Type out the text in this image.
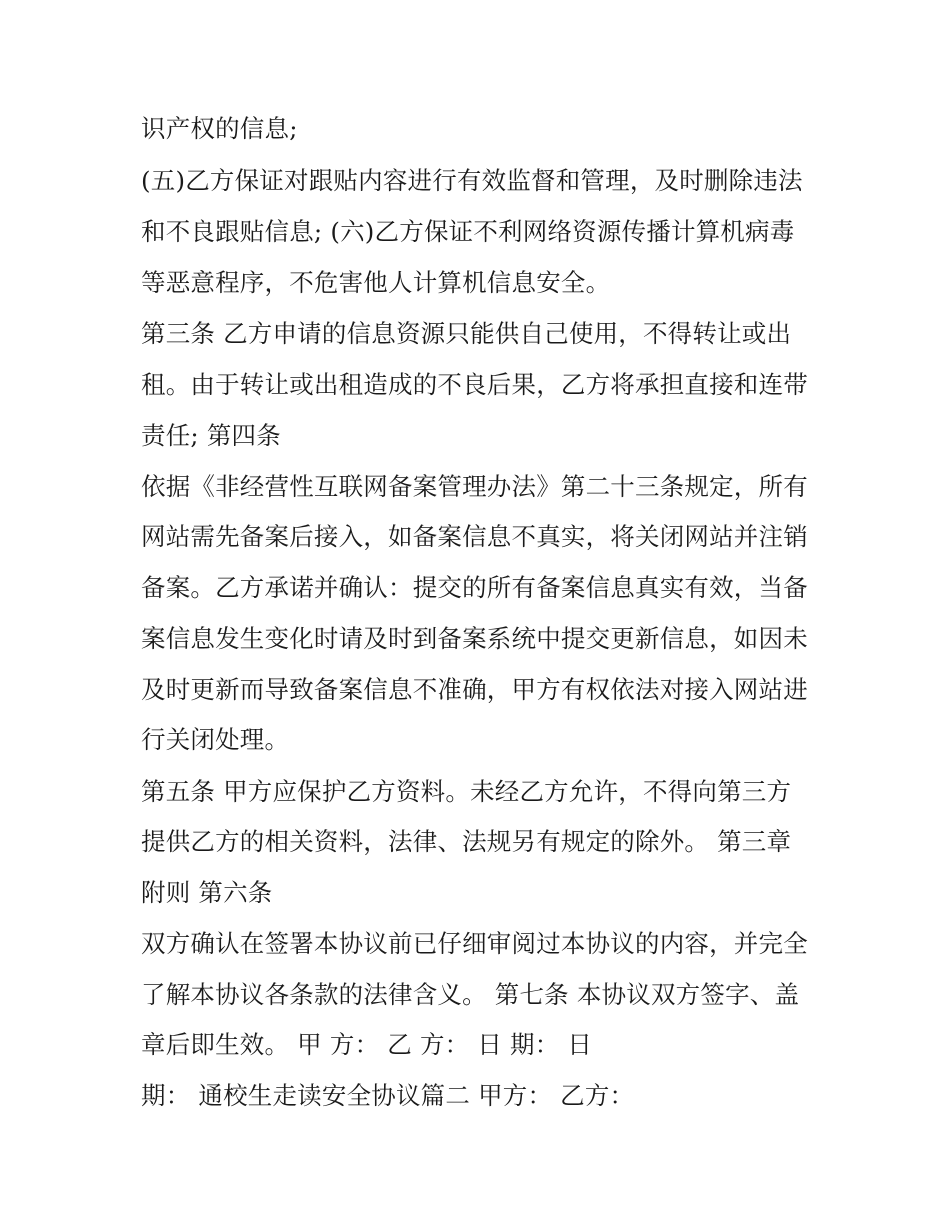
识产权的信息;
(五)乙方保证对跟贴内容进行有效监督和管理，及时删除违法
和不良跟贴信息; (六)乙方保证不利网络资源传播计算机病毒
等恶意程序，不危害他人计算机信息安全。
第三条 乙方申请的信息资源只能供自己使用，不得转让或出
租。由于转让或出租造成的不良后果，乙方将承担直接和连带
责任; 第四条
依据《非经营性互联网备案管理办法》第二十三条规定，所有
网站需先备案后接入，如备案信息不真实，将关闭网站并注销
备案。乙方承诺并确认：提交的所有备案信息真实有效，当备
案信息发生变化时请及时到备案系统中提交更新信息，如因未
及时更新而导致备案信息不准确，甲方有权依法对接入网站进
行关闭处理。
第五条 甲方应保护乙方资料。未经乙方允许，不得向第三方
提供乙方的相关资料，法律、法规另有规定的除外。 第三章
附则 第六条
双方确认在签署本协议前已仔细审阅过本协议的内容，并完全
了解本协议各条款的法律含义。 第七条 本协议双方签字、盖
章后即生效。 甲 方： 乙 方： 日 期： 日
期： 通校生走读安全协议篇二 甲方： 乙方：
